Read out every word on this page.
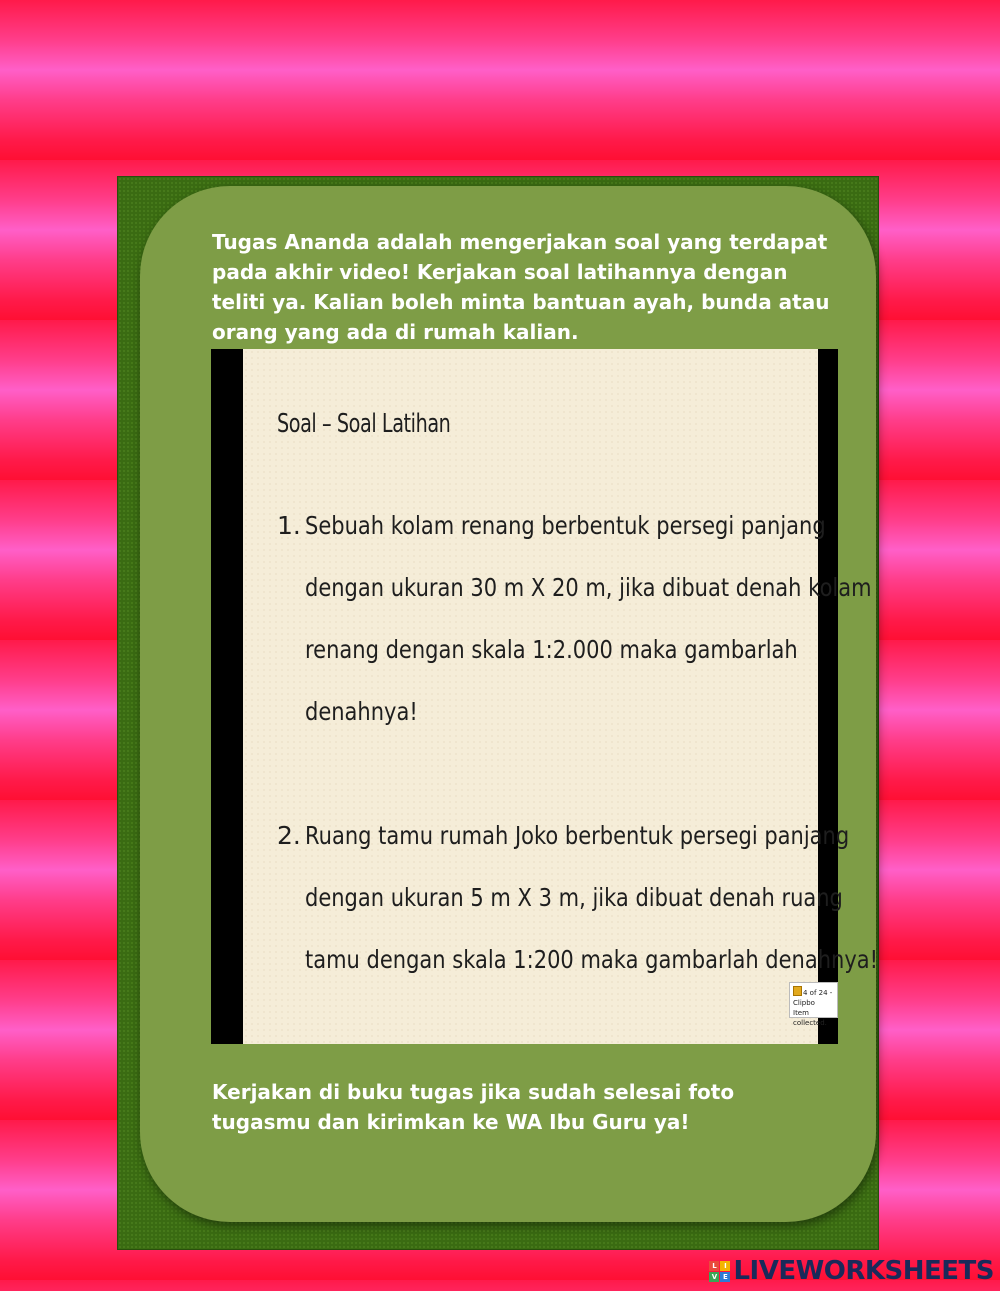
Tugas Ananda adalah mengerjakan soal yang terdapat pada akhir video! Kerjakan soal latihannya dengan teliti ya. Kalian boleh minta bantuan ayah, bunda atau orang yang ada di rumah kalian.

Soal – Soal Latihan
1. Sebuah kolam renang berbentuk persegi panjang
dengan ukuran 30 m X 20 m, jika dibuat denah kolam
renang dengan skala 1:2.000 maka gambarlah
denahnya!
2. Ruang tamu rumah Joko berbentuk persegi panjang
dengan ukuran 5 m X 3 m, jika dibuat denah ruang
tamu dengan skala 1:200 maka gambarlah denahnya!
4 of 24 - Clipbo
Item collected.

Kerjakan di buku tugas jika sudah selesai foto tugasmu dan kirimkan ke WA Ibu Guru ya!

L	I
V E LIVEWORKSHEETS
